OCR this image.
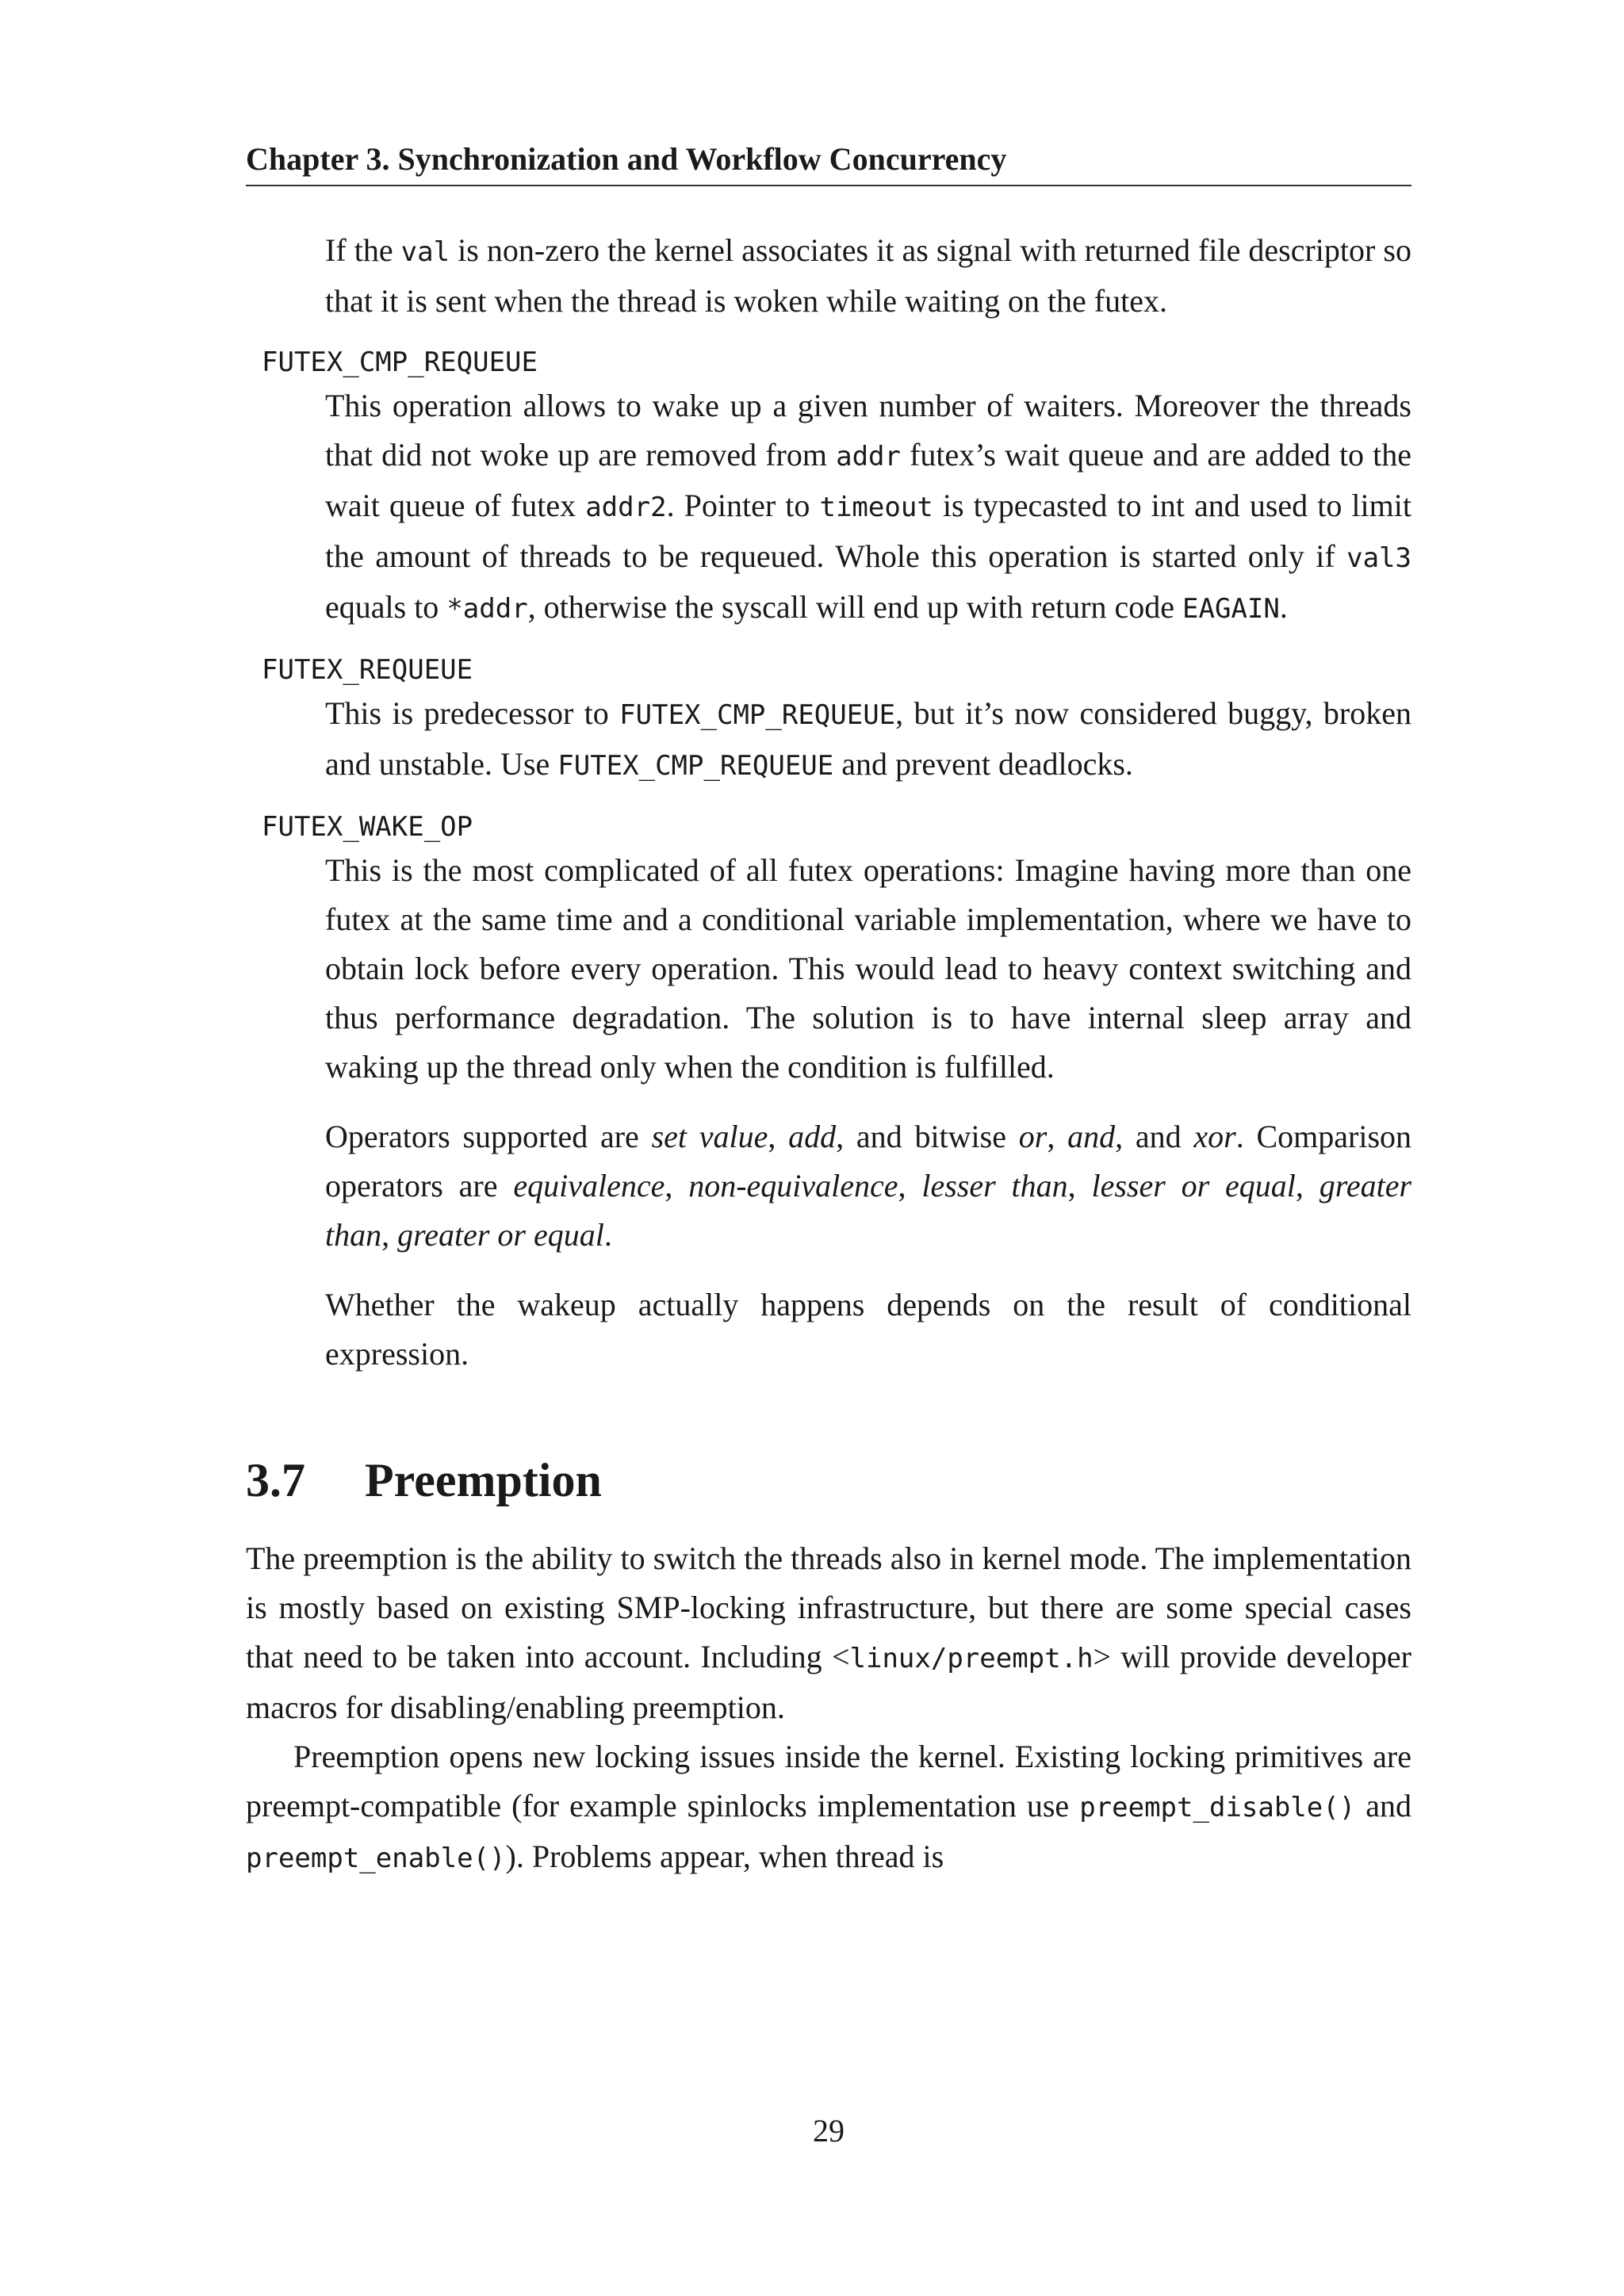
Chapter 3. Synchronization and Workflow Concurrency

If the val is non-zero the kernel associates it as signal with returned file descriptor so that it is sent when the thread is woken while waiting on the futex.

FUTEX_CMP_REQUEUE

This operation allows to wake up a given number of waiters. Moreover the threads that did not woke up are removed from addr futex’s wait queue and are added to the wait queue of futex addr2. Pointer to timeout is typecasted to int and used to limit the amount of threads to be requeued. Whole this operation is started only if val3 equals to *addr, otherwise the syscall will end up with return code EAGAIN.

FUTEX_REQUEUE

This is predecessor to FUTEX_CMP_REQUEUE, but it’s now considered buggy, broken and unstable. Use FUTEX_CMP_REQUEUE and prevent deadlocks.

FUTEX_WAKE_OP

This is the most complicated of all futex operations: Imagine having more than one futex at the same time and a conditional variable implementation, where we have to obtain lock before every operation. This would lead to heavy context switching and thus performance degradation. The solution is to have internal sleep array and waking up the thread only when the condition is fulfilled.

Operators supported are set value, add, and bitwise or, and, and xor. Comparison operators are equivalence, non-equivalence, lesser than, lesser or equal, greater than, greater or equal.

Whether the wakeup actually happens depends on the result of conditional expression.

3.7	Preemption

The preemption is the ability to switch the threads also in kernel mode. The implementation is mostly based on existing SMP-locking infrastructure, but there are some special cases that need to be taken into account. Including <linux/preempt.h> will provide developer macros for disabling/enabling preemption.

Preemption opens new locking issues inside the kernel. Existing locking primitives are preempt-compatible (for example spinlocks implementation use preempt_disable() and preempt_enable()). Problems appear, when thread is

29
